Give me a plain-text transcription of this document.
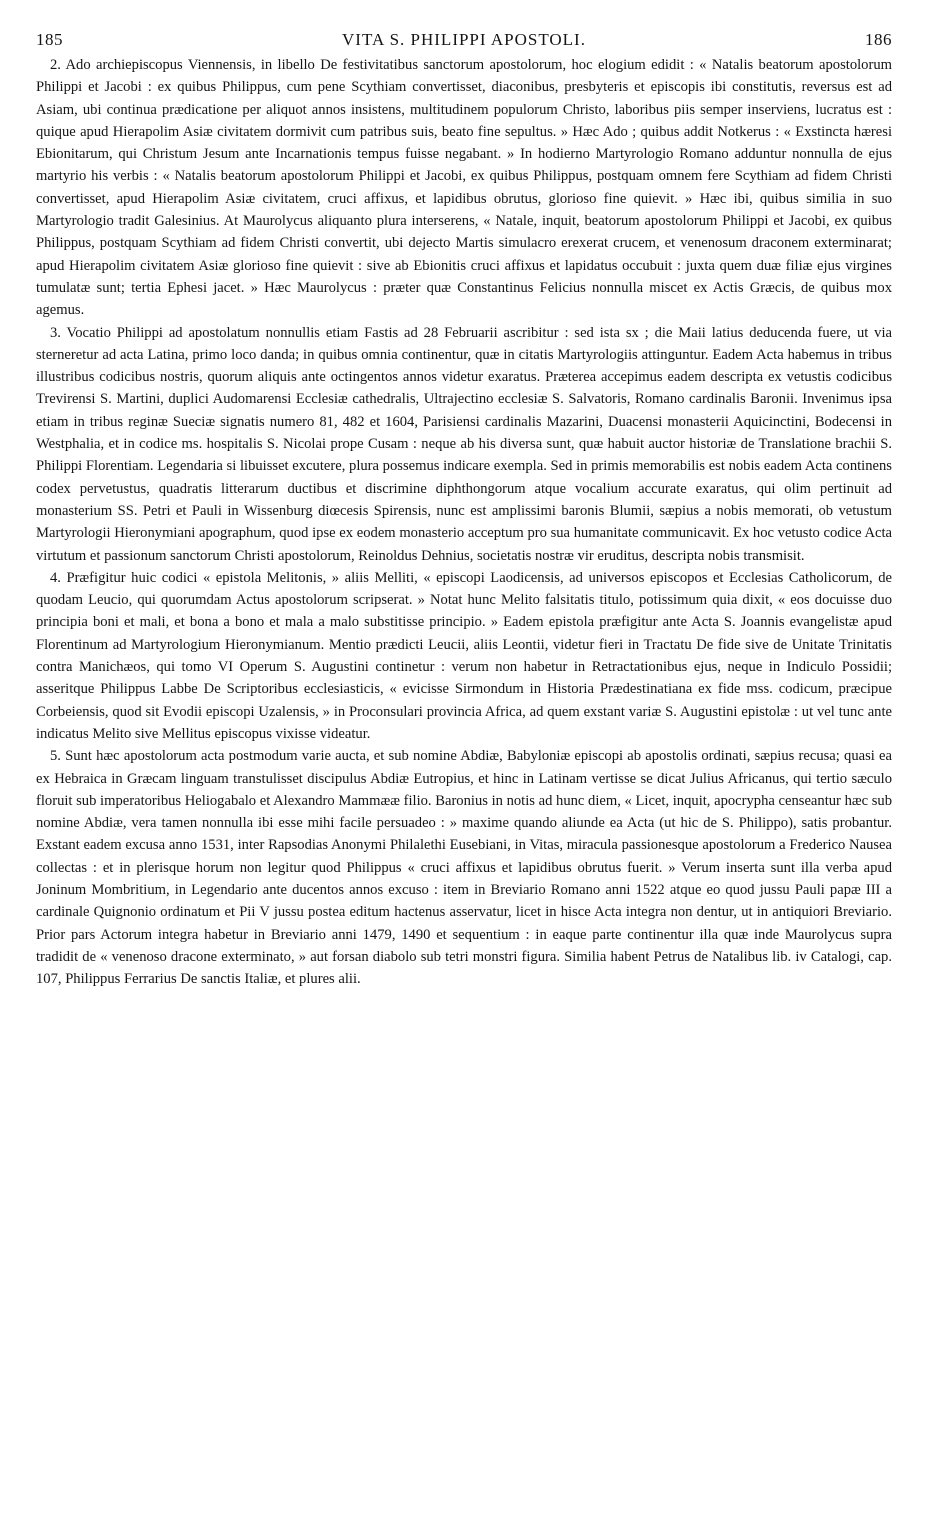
185	VITA S. PHILIPPI APOSTOLI.	186

2. Ado archiepiscopus Viennensis, in libello De festivitatibus sanctorum apostolorum, hoc elogium edidit : « Natalis beatorum apostolorum Philippi et Jacobi : ex quibus Philippus, cum pene Scythiam convertisset, diaconibus, presbyteris et episcopis ibi constitutis, reversus est ad Asiam, ubi continua prædicatione per aliquot annos insistens, multitudinem populorum Christo, laboribus piis semper inserviens, lucratus est : quique apud Hierapolim Asiæ civitatem dormivit cum patribus suis, beato fine sepultus. » Hæc Ado ; quibus addit Notkerus : « Exstincta hæresi Ebionitarum, qui Christum Jesum ante Incarnationis tempus fuisse negabant. » In hodierno Martyrologio Romano adduntur nonnulla de ejus martyrio his verbis : « Natalis beatorum apostolorum Philippi et Jacobi, ex quibus Philippus, postquam omnem fere Scythiam ad fidem Christi convertisset, apud Hierapolim Asiæ civitatem, cruci affixus, et lapidibus obrutus, glorioso fine quievit. » Hæc ibi, quibus similia in suo Martyrologio tradit Galesinius. At Maurolycus aliquanto plura interserens, « Natale, inquit, beatorum apostolorum Philippi et Jacobi, ex quibus Philippus, postquam Scythiam ad fidem Christi convertit, ubi dejecto Martis simulacro erexerat crucem, et venenosum draconem exterminarat; apud Hierapolim civitatem Asiæ glorioso fine quievit : sive ab Ebionitis cruci affixus et lapidatus occubuit : juxta quem duæ filiæ ejus virgines tumulatæ sunt; tertia Ephesi jacet. » Hæc Maurolycus : præter quæ Constantinus Felicius nonnulla miscet ex Actis Græcis, de quibus mox agemus.

3. Vocatio Philippi ad apostolatum nonnullis etiam Fastis ad 28 Februarii ascribitur : sed ista sx ; die Maii latius deducenda fuere, ut via sterneretur ad acta Latina, primo loco danda; in quibus omnia continentur, quæ in citatis Martyrologiis attinguntur. Eadem Acta habemus in tribus illustribus codicibus nostris, quorum aliquis ante octingentos annos videtur exaratus. Præterea accepimus eadem descripta ex vetustis codicibus Trevirensi S. Martini, duplici Audomarensi Ecclesiæ cathedralis, Ultrajectino ecclesiæ S. Salvatoris, Romano cardinalis Baronii. Invenimus ipsa etiam in tribus reginæ Sueciæ signatis numero 81, 482 et 1604, Parisiensi cardinalis Mazarini, Duacensi monasterii Aquicinctini, Bodecensi in Westphalia, et in codice ms. hospitalis S. Nicolai prope Cusam : neque ab his diversa sunt, quæ habuit auctor historiæ de Translatione brachii S. Philippi Florentiam. Legendaria si libuisset excutere, plura possemus indicare exempla. Sed in primis memorabilis est nobis eadem Acta continens codex pervetustus, quadratis litterarum ductibus et discrimine diphthongorum atque vocalium accurate exaratus, qui olim pertinuit ad monasterium SS. Petri et Pauli in Wissenburg diœcesis Spirensis, nunc est amplissimi baronis Blumii, sæpius a nobis memorati, ob vetustum Martyrologii Hieronymiani apographum, quod ipse ex eodem monasterio acceptum pro sua humanitate communicavit. Ex hoc vetusto codice Acta virtutum et passionum sanctorum Christi apostolorum, Reinoldus Dehnius, societatis nostræ vir eruditus, descripta nobis transmisit.

4. Præfigitur huic codici « epistola Melitonis, » aliis Melliti, « episcopi Laodicensis, ad universos episcopos et Ecclesias Catholicorum, de quodam Leucio, qui quorumdam Actus apostolorum scripserat. » Notat hunc Melito falsitatis titulo, potissimum quia dixit, « eos docuisse duo principia boni et mali, et bona a bono et mala a malo substitisse principio. » Eadem epistola præfigitur ante Acta S. Joannis evangelistæ apud Florentinum ad Martyrologium Hieronymianum. Mentio prædicti Leucii, aliis Leontii, videtur fieri in Tractatu De fide sive de Unitate Trinitatis contra Manichæos, qui tomo VI Operum S. Augustini continetur : verum non habetur in Retractationibus ejus, neque in Indiculo Possidii; asseritque Philippus Labbe De Scriptoribus ecclesiasticis, « evicisse Sirmondum in Historia Prædestinatiana ex fide mss. codicum, præcipue Corbeiensis, quod sit Evodii episcopi Uzalensis, » in Proconsulari provincia Africa, ad quem exstant variæ S. Augustini epistolæ : ut vel tunc ante indicatus Melito sive Mellitus episcopus vixisse videatur.

5. Sunt hæc apostolorum acta postmodum varie aucta, et sub nomine Abdiæ, Babyloniæ episcopi ab apostolis ordinati, sæpius recusa; quasi ea ex Hebraica in Græcam linguam transtulisset discipulus Abdiæ Eutropius, et hinc in Latinam vertisse se dicat Julius Africanus, qui tertio sæculo floruit sub imperatoribus Heliogabalo et Alexandro Mammææ filio. Baronius in notis ad hunc diem, « Licet, inquit, apocrypha censeantur hæc sub nomine Abdiæ, vera tamen nonnulla ibi esse mihi facile persuadeo : » maxime quando aliunde ea Acta (ut hic de S. Philippo), satis probantur. Exstant eadem excusa anno 1531, inter Rapsodias Anonymi Philalethi Eusebiani, in Vitas, miracula passionesque apostolorum a Frederico Nausea collectas : et in plerisque horum non legitur quod Philippus « cruci affixus et lapidibus obrutus fuerit. » Verum inserta sunt illa verba apud Joninum Mombritium, in Legendario ante ducentos annos excuso : item in Breviario Romano anni 1522 atque eo quod jussu Pauli papæ III a cardinale Quignonio ordinatum et Pii V jussu postea editum hactenus asservatur, licet in hisce Acta integra non dentur, ut in antiquiori Breviario. Prior pars Actorum integra habetur in Breviario anni 1479, 1490 et sequentium : in eaque parte continentur illa quæ inde Maurolycus supra tradidit de « venenoso dracone exterminato, » aut forsan diabolo sub tetri monstri figura. Similia habent Petrus de Natalibus lib. iv Catalogi, cap. 107, Philippus Ferrarius De sanctis Italiæ, et plures alii.
